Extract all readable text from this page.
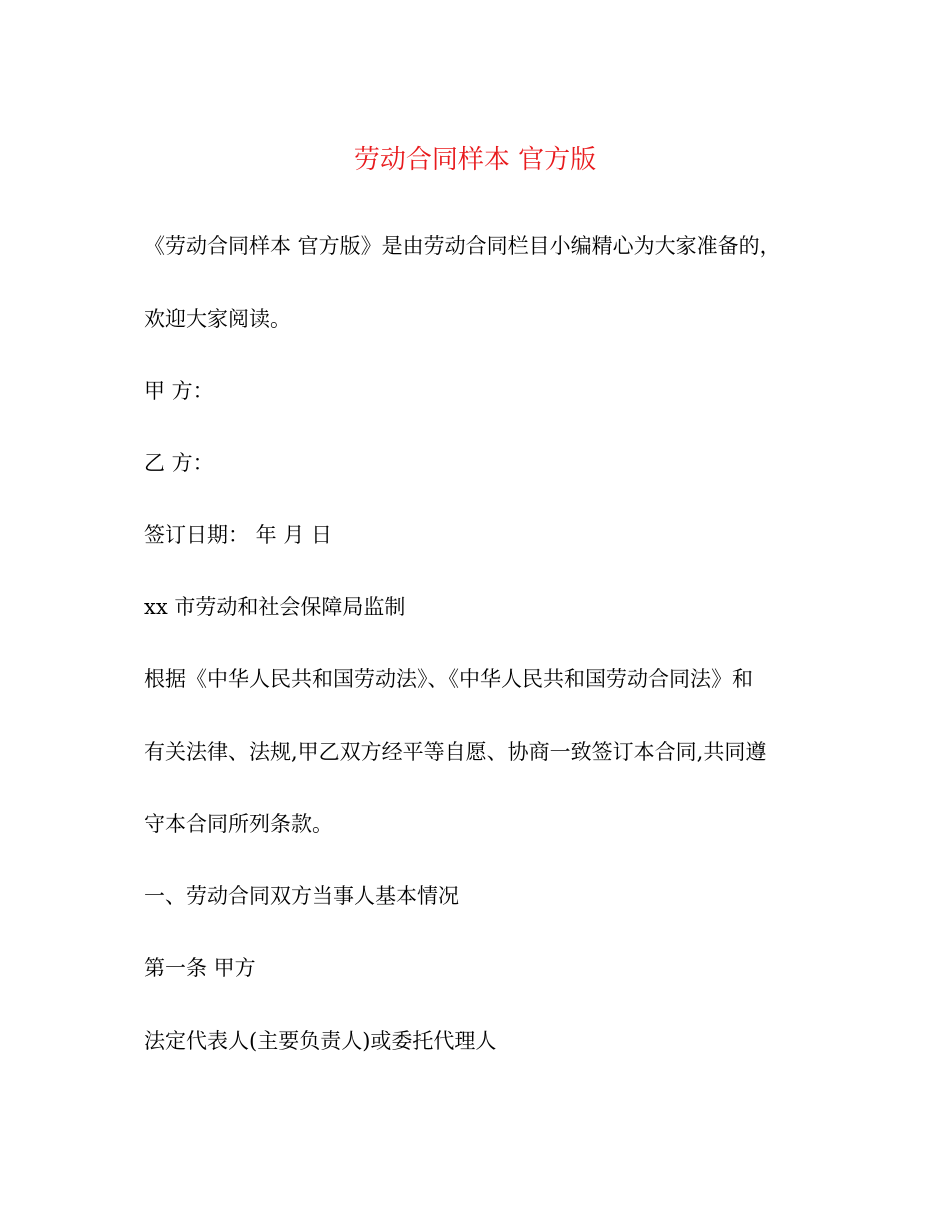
劳动合同样本 官方版
《劳动合同样本 官方版》是由劳动合同栏目小编精心为大家准备的，
欢迎大家阅读。
甲 方：
乙 方：
签订日期： 年 月 日
xx 市劳动和社会保障局监制
根据《中华人民共和国劳动法》、《中华人民共和国劳动合同法》和
有关法律、法规,甲乙双方经平等自愿、协商一致签订本合同,共同遵
守本合同所列条款。
一、劳动合同双方当事人基本情况
第一条 甲方
法定代表人(主要负责人)或委托代理人
